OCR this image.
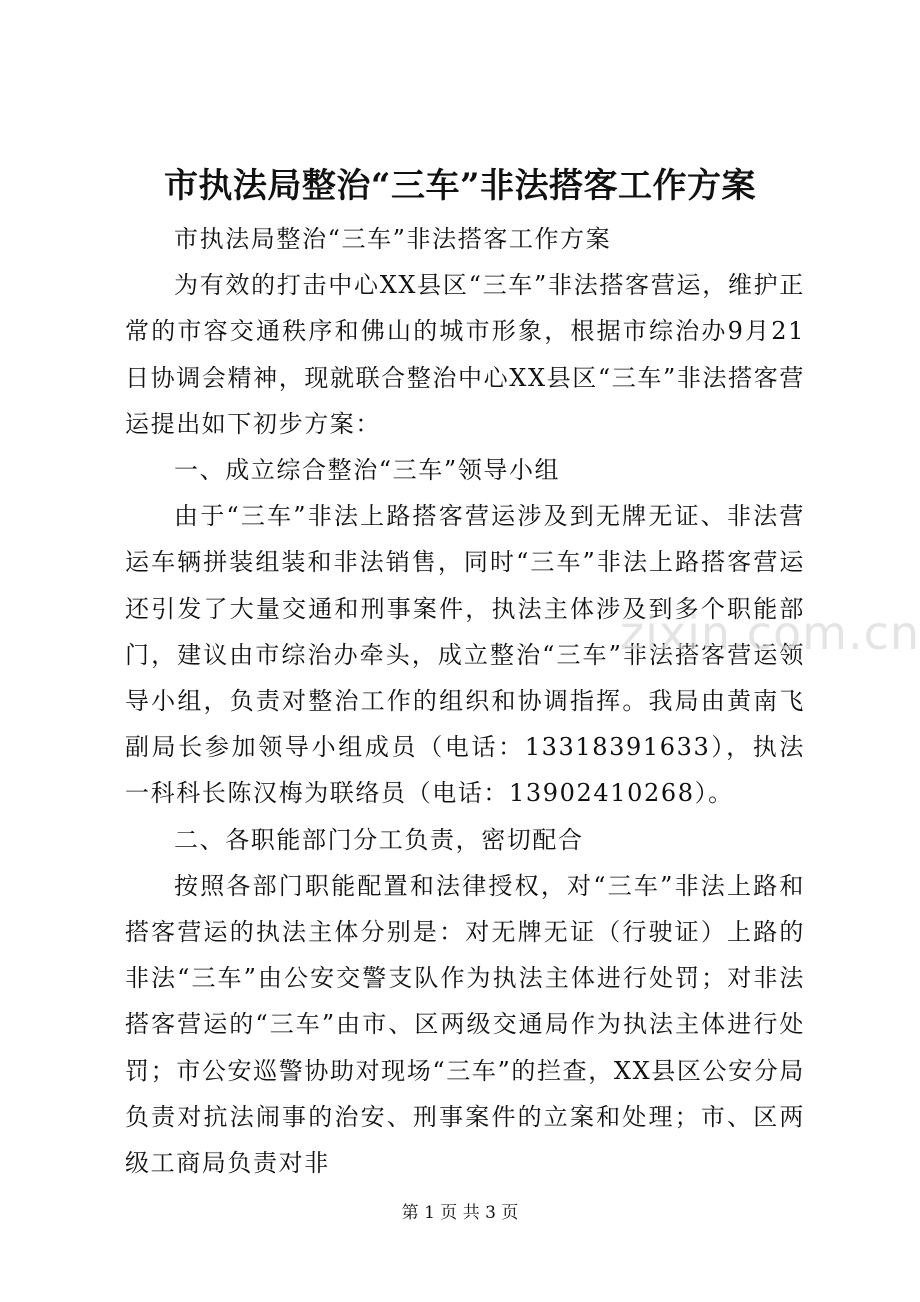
市执法局整治“三车”非法搭客工作方案

市执法局整治“三车”非法搭客工作方案

为有效的打击中心XX县区“三车”非法搭客营运，维护正常的市容交通秩序和佛山的城市形象，根据市综治办9月21日协调会精神，现就联合整治中心XX县区“三车”非法搭客营运提出如下初步方案：

一、成立综合整治“三车”领导小组

由于“三车”非法上路搭客营运涉及到无牌无证、非法营运车辆拼装组装和非法销售，同时“三车”非法上路搭客营运还引发了大量交通和刑事案件，执法主体涉及到多个职能部门，建议由市综治办牵头，成立整治“三车”非法搭客营运领导小组，负责对整治工作的组织和协调指挥。我局由黄南飞副局长参加领导小组成员（电话：13318391633），执法一科科长陈汉梅为联络员（电话：13902410268）。

二、各职能部门分工负责，密切配合

按照各部门职能配置和法律授权，对“三车”非法上路和搭客营运的执法主体分别是：对无牌无证（行驶证）上路的非法“三车”由公安交警支队作为执法主体进行处罚；对非法搭客营运的“三车”由市、区两级交通局作为执法主体进行处罚；市公安巡警协助对现场“三车”的拦查，XX县区公安分局负责对抗法闹事的治安、刑事案件的立案和处理；市、区两级工商局负责对非

zixin.com.cn
第 1 页 共 3 页
